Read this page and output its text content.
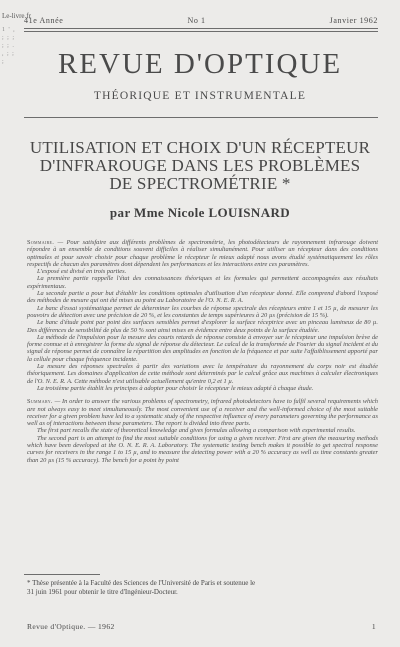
Le-livre.fr
1 ' , ; ; ; ; ; . , ; ; ;
41e Année	No 1	Janvier 1962
REVUE D'OPTIQUE
THÉORIQUE ET INSTRUMENTALE
UTILISATION ET CHOIX D'UN RÉCEPTEUR
D'INFRAROUGE DANS LES PROBLÈMES
DE SPECTROMÉTRIE *
par Mme Nicole LOUISNARD

Sommaire. — Pour satisfaire aux différents problèmes de spectrométrie, les photodétecteurs de rayonnement infrarouge doivent répondre à un ensemble de conditions souvent difficiles à réaliser simultanément. Pour utiliser un récepteur dans des conditions optimales et pour savoir choisir pour chaque problème le récepteur le mieux adapté nous avons étudié systématiquement les rôles respectifs de chacun des paramètres dont dépendent les performances et les interactions entre ces paramètres.

L'exposé est divisé en trois parties.

La première partie rappelle l'état des connaissances théoriques et les formules qui permettent accompagnées aux résultats expérimentaux.

La seconde partie a pour but d'établir les conditions optimales d'utilisation d'un récepteur donné. Elle comprend d'abord l'exposé des méthodes de mesure qui ont été mises au point au Laboratoire de l'O. N. E. R. A.

Le banc d'essai systématique permet de déterminer les courbes de réponse spectrale des récepteurs entre 1 et 15 µ, de mesurer les pouvoirs de détection avec une précision de 20 %, et les constantes de temps supérieures à 20 µs (précision de 15 %).

Le banc d'étude point par point des surfaces sensibles permet d'explorer la surface réceptrice avec un pinceau lumineux de 80 µ. Des différences de sensibilité de plus de 50 % sont ainsi mises en évidence entre deux points de la surface étudiée.

La méthode de l'impulsion pour la mesure des courts retards de réponse consiste à envoyer sur le récepteur une impulsion brève de forme connue et à enregistrer la forme du signal de réponse du détecteur. Le calcul de la transformée de Fourier du signal incident et du signal de réponse permet de connaître la répartition des amplitudes en fonction de la fréquence et par suite l'affaiblissement apporté par la cellule pour chaque fréquence incidente.

La mesure des réponses spectrales à partir des variations avec la température du rayonnement du corps noir est étudiée théoriquement. Les domaines d'application de cette méthode sont déterminés par le calcul grâce aux machines à calculer électroniques de l'O. N. E. R. A. Cette méthode n'est utilisable actuellement qu'entre 0,2 et 1 µ.

La troisième partie établit les principes à adopter pour choisir le récepteur le mieux adapté à chaque étude.

Summary. — In order to answer the various problems of spectrometry, infrared photodetectors have to fulfil several requirements which are not always easy to meet simultaneously. The most convenient use of a receiver and the well-informed choice of the most suitable receiver for a given problem have led to a systematic study of the respective influence of every parameters governing the performance as well as of interactions between these parameters. The report is divided into three parts.

The first part recalls the state of theoretical knowledge and gives formulas allowing a comparison with experimental results.

The second part is an attempt to find the most suitable conditions for using a given receiver. First are given the measuring methods which have been developed at the O. N. E. R. A. Laboratory. The systematic testing bench makes it possible to get spectral response curves for receivers in the range 1 to 15 µ, and to measure the detecting power with a 20 % accuracy as well as time constants greater than 20 µs (15 % accuracy). The bench for a point by point

* Thèse présentée à la Faculté des Sciences de l'Université de Paris et soutenue le
31 juin 1961 pour obtenir le titre d'Ingénieur-Docteur.
Revue d'Optique. — 1962	1
